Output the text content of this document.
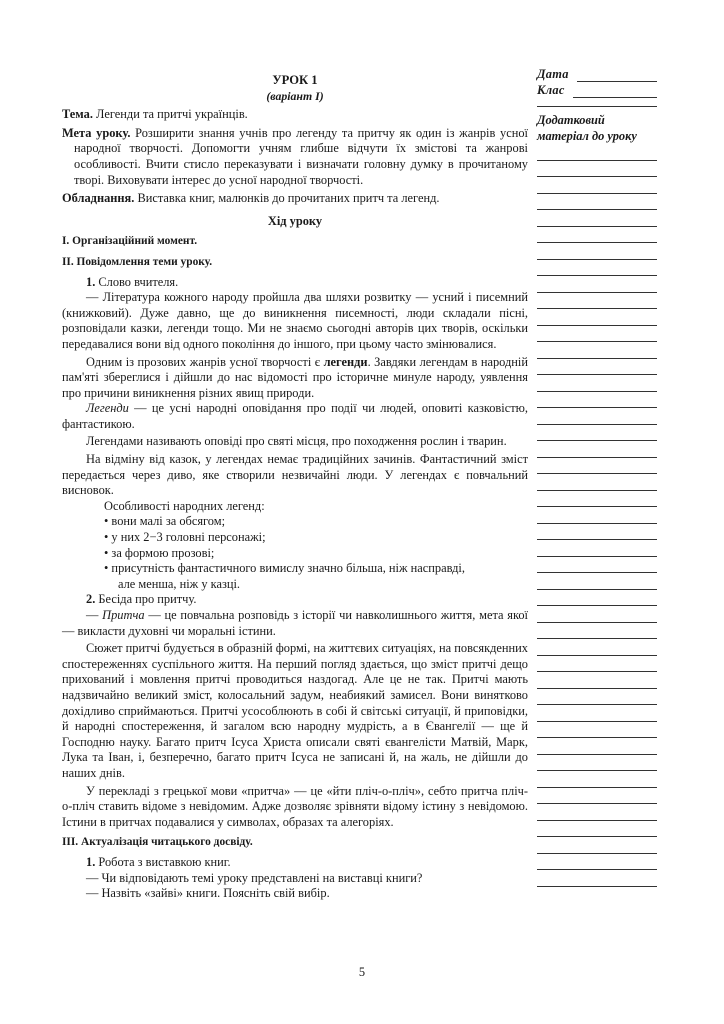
УРОК 1
(варіант І)
Тема. Легенди та притчі українців.
Мета уроку. Розширити знання учнів про легенду та притчу як один із жанрів усної народної творчості. Допомогти учням глибше відчути їх змістові та жанрові особливості. Вчити стисло переказувати і визначати головну думку в прочитаному творі. Виховувати інтерес до усної народної творчості.
Обладнання. Виставка книг, малюнків до прочитаних притч та легенд.
Хід уроку
І. Організаційний момент.
ІІ. Повідомлення теми уроку.
1. Слово вчителя.
— Література кожного народу пройшла два шляхи розвитку — усний і писемний (книжковий). Дуже давно, ще до виникнення писемності, люди складали пісні, розповідали казки, легенди тощо. Ми не знаємо сьогодні авторів цих творів, оскільки передавалися вони від одного покоління до іншого, при цьому часто змінювалися.
Одним із прозових жанрів усної творчості є легенди. Завдяки легендам в народній пам'яті збереглися і дійшли до нас відомості про історичне минуле народу, уявлення про причини виникнення різних явищ природи.
Легенди — це усні народні оповідання про події чи людей, оповиті казковістю, фантастикою.
Легендами називають оповіді про святі місця, про походження рослин і тварин.
На відміну від казок, у легендах немає традиційних зачинів. Фантастичний зміст передається через диво, яке створили незвичайні люди. У легендах є повчальний висновок.
Особливості народних легенд:
• вони малі за обсягом;
• у них 2−3 головні персонажі;
• за формою прозові;
• присутність фантастичного вимислу значно більша, ніж насправді,
але менша, ніж у казці.
2. Бесіда про притчу.
— Притча — це повчальна розповідь з історії чи навколишнього життя, мета якої — викласти духовні чи моральні істини.
Сюжет притчі будується в образній формі, на життєвих ситуаціях, на повсякденних спостереженнях суспільного життя. На перший погляд здається, що зміст притчі дещо прихований і мовлення притчі проводиться наздогад. Але це не так. Притчі мають надзвичайно великий зміст, колосальний задум, неабиякий замисел. Вони винятково дохідливо сприймаються. Притчі усособлюють в собі й світські ситуації, й приповідки, й народні спостереження, й загалом всю народну мудрість, а в Євангелії — ще й Господню науку. Багато притч Ісуса Христа описали святі євангелісти Матвій, Марк, Лука та Іван, і, безперечно, багато притч Ісуса не записані й, на жаль, не дійшли до наших днів.
У перекладі з грецької мови «притча» — це «йти пліч-о-пліч», себто притча пліч-о-пліч ставить відоме з невідомим. Адже дозволяє зрівняти відому істину з невідомою. Істини в притчах подавалися у символах, образах та алегоріях.
ІІІ. Актуалізація читацького досвіду.
1. Робота з виставкою книг.
— Чи відповідають темі уроку представлені на виставці книги?
— Назвіть «зайві» книги. Поясніть свій вибір.
Дата
Клас
Додатковий матеріал до уроку
5
